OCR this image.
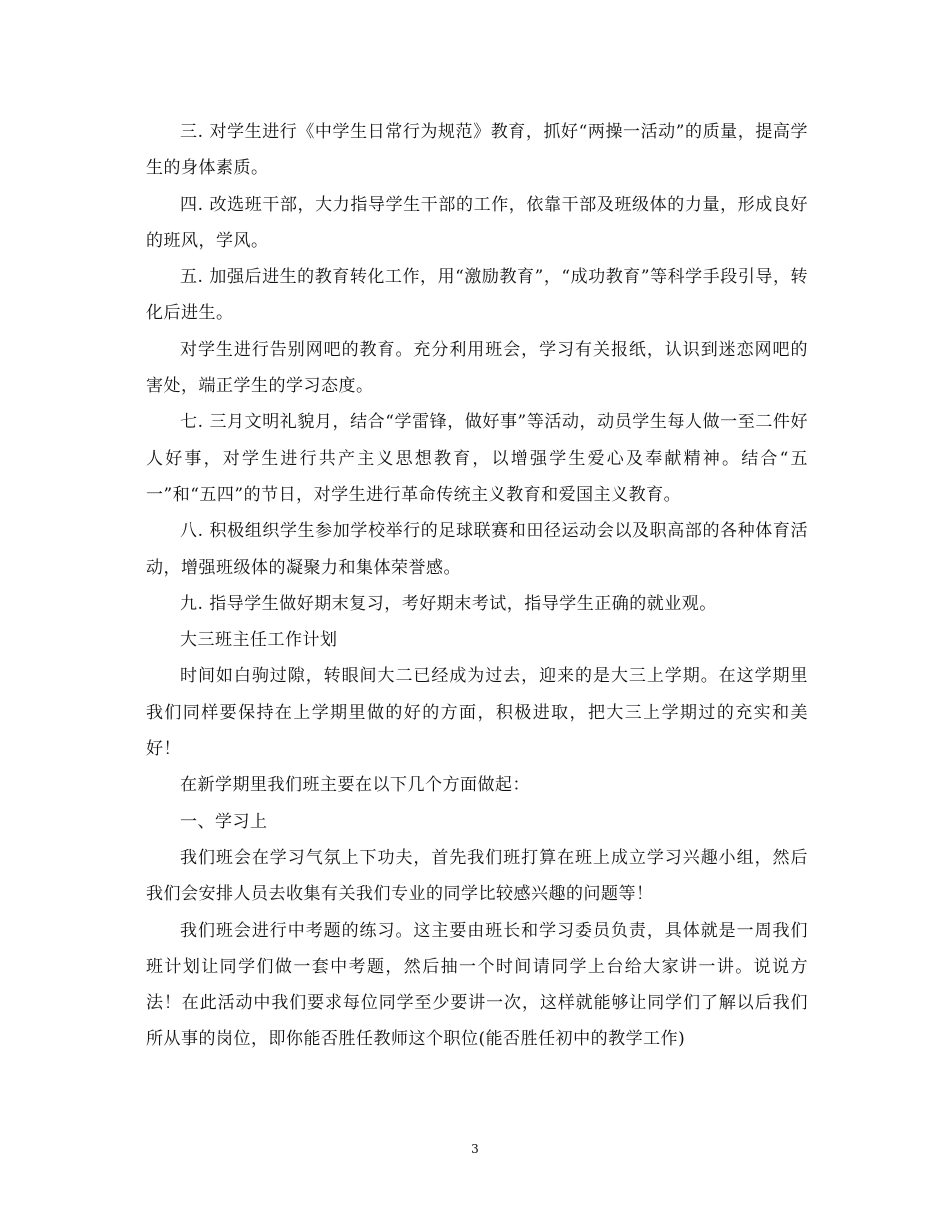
三. 对学生进行《中学生日常行为规范》教育，抓好“两操一活动”的质量，提高学生的身体素质。

四. 改选班干部，大力指导学生干部的工作，依靠干部及班级体的力量，形成良好的班风，学风。

五. 加强后进生的教育转化工作，用“激励教育”，“成功教育”等科学手段引导，转化后进生。

对学生进行告别网吧的教育。充分利用班会，学习有关报纸，认识到迷恋网吧的害处，端正学生的学习态度。

七. 三月文明礼貌月，结合“学雷锋，做好事”等活动，动员学生每人做一至二件好人好事，对学生进行共产主义思想教育，以增强学生爱心及奉献精神。结合“五一”和“五四”的节日，对学生进行革命传统主义教育和爱国主义教育。

八. 积极组织学生参加学校举行的足球联赛和田径运动会以及职高部的各种体育活动，增强班级体的凝聚力和集体荣誉感。

九. 指导学生做好期末复习，考好期末考试，指导学生正确的就业观。

大三班主任工作计划

时间如白驹过隙，转眼间大二已经成为过去，迎来的是大三上学期。在这学期里我们同样要保持在上学期里做的好的方面，积极进取，把大三上学期过的充实和美好！

在新学期里我们班主要在以下几个方面做起：

一、学习上

我们班会在学习气氛上下功夫，首先我们班打算在班上成立学习兴趣小组，然后我们会安排人员去收集有关我们专业的同学比较感兴趣的问题等！

我们班会进行中考题的练习。这主要由班长和学习委员负责，具体就是一周我们班计划让同学们做一套中考题，然后抽一个时间请同学上台给大家讲一讲。说说方法！在此活动中我们要求每位同学至少要讲一次，这样就能够让同学们了解以后我们所从事的岗位，即你能否胜任教师这个职位(能否胜任初中的教学工作)

3
